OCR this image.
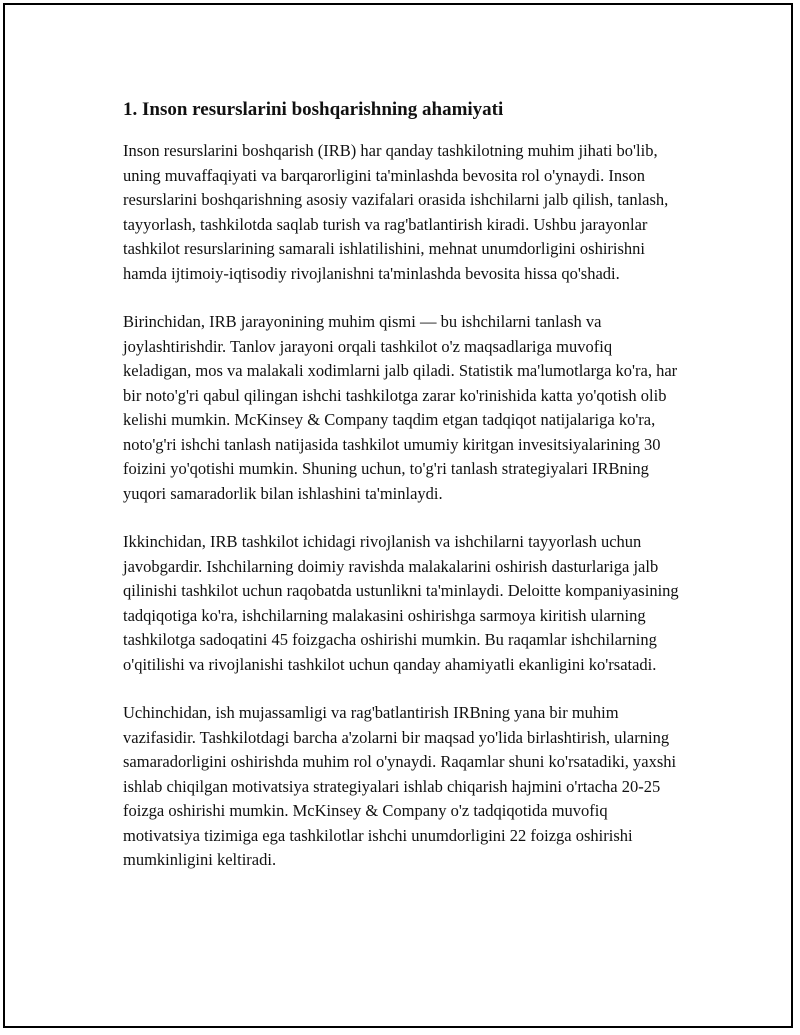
1. Inson resurslarini boshqarishning ahamiyati

Inson resurslarini boshqarish (IRB) har qanday tashkilotning muhim jihati bo'lib, uning muvaffaqiyati va barqarorligini ta'minlashda bevosita rol o'ynaydi. Inson resurslarini boshqarishning asosiy vazifalari orasida ishchilarni jalb qilish, tanlash, tayyorlash, tashkilotda saqlab turish va rag'batlantirish kiradi. Ushbu jarayonlar tashkilot resurslarining samarali ishlatilishini, mehnat unumdorligini oshirishni hamda ijtimoiy-iqtisodiy rivojlanishni ta'minlashda bevosita hissa qo'shadi.

Birinchidan, IRB jarayonining muhim qismi — bu ishchilarni tanlash va joylashtirishdir. Tanlov jarayoni orqali tashkilot o'z maqsadlariga muvofiq keladigan, mos va malakali xodimlarni jalb qiladi. Statistik ma'lumotlarga ko'ra, har bir noto'g'ri qabul qilingan ishchi tashkilotga zarar ko'rinishida katta yo'qotish olib kelishi mumkin. McKinsey & Company taqdim etgan tadqiqot natijalariga ko'ra, noto'g'ri ishchi tanlash natijasida tashkilot umumiy kiritgan invesitsiyalarining 30 foizini yo'qotishi mumkin. Shuning uchun, to'g'ri tanlash strategiyalari IRBning yuqori samaradorlik bilan ishlashini ta'minlaydi.

Ikkinchidan, IRB tashkilot ichidagi rivojlanish va ishchilarni tayyorlash uchun javobgardir. Ishchilarning doimiy ravishda malakalarini oshirish dasturlariga jalb qilinishi tashkilot uchun raqobatda ustunlikni ta'minlaydi. Deloitte kompaniyasining tadqiqotiga ko'ra, ishchilarning malakasini oshirishga sarmoya kiritish ularning tashkilotga sadoqatini 45 foizgacha oshirishi mumkin. Bu raqamlar ishchilarning o'qitilishi va rivojlanishi tashkilot uchun qanday ahamiyatli ekanligini ko'rsatadi.

Uchinchidan, ish mujassamligi va rag'batlantirish IRBning yana bir muhim vazifasidir. Tashkilotdagi barcha a'zolarni bir maqsad yo'lida birlashtirish, ularning samaradorligini oshirishda muhim rol o'ynaydi. Raqamlar shuni ko'rsatadiki, yaxshi ishlab chiqilgan motivatsiya strategiyalari ishlab chiqarish hajmini o'rtacha 20-25 foizga oshirishi mumkin. McKinsey & Company o'z tadqiqotida muvofiq motivatsiya tizimiga ega tashkilotlar ishchi unumdorligini 22 foizga oshirishi mumkinligini keltiradi.
